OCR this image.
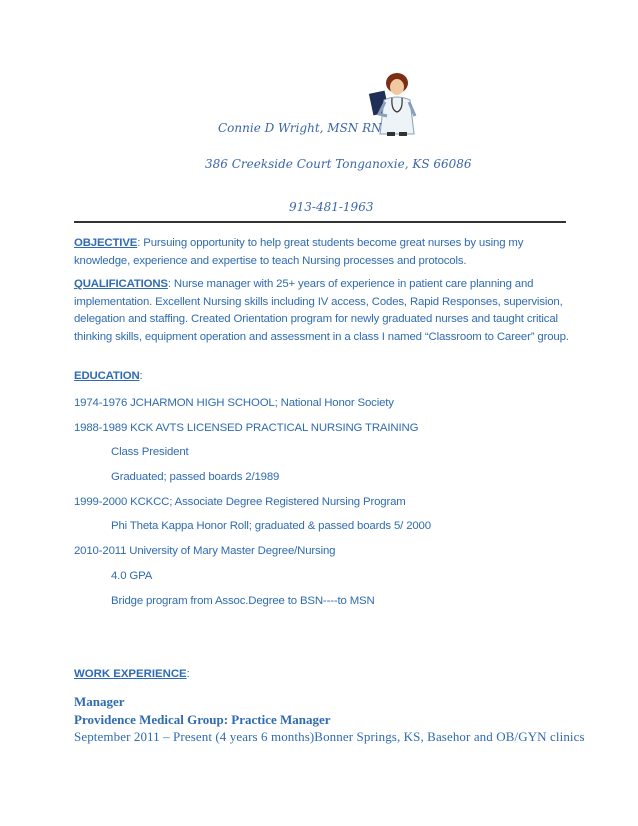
Connie D Wright, MSN RN
386 Creekside Court Tonganoxie, KS 66086
913-481-1963
OBJECTIVE: Pursuing opportunity to help great students become great nurses by using my knowledge, experience and expertise to teach Nursing processes and protocols.
QUALIFICATIONS: Nurse manager with 25+ years of experience in patient care planning and implementation. Excellent Nursing skills including IV access, Codes, Rapid Responses, supervision, delegation and staffing. Created Orientation program for newly graduated nurses and taught critical thinking skills, equipment operation and assessment in a class I named “Classroom to Career” group.
EDUCATION:
1974-1976 JCHARMON HIGH SCHOOL; National Honor Society
1988-1989 KCK AVTS LICENSED PRACTICAL NURSING TRAINING
Class President
Graduated; passed boards 2/1989
1999-2000 KCKCC; Associate Degree Registered Nursing Program
Phi Theta Kappa Honor Roll; graduated & passed boards 5/ 2000
2010-2011 University of Mary Master Degree/Nursing
4.0 GPA
Bridge program from Assoc.Degree to BSN----to MSN
WORK EXPERIENCE:
Manager
Providence Medical Group: Practice Manager
September 2011 – Present (4 years 6 months)Bonner Springs, KS, Basehor and OB/GYN clinics
